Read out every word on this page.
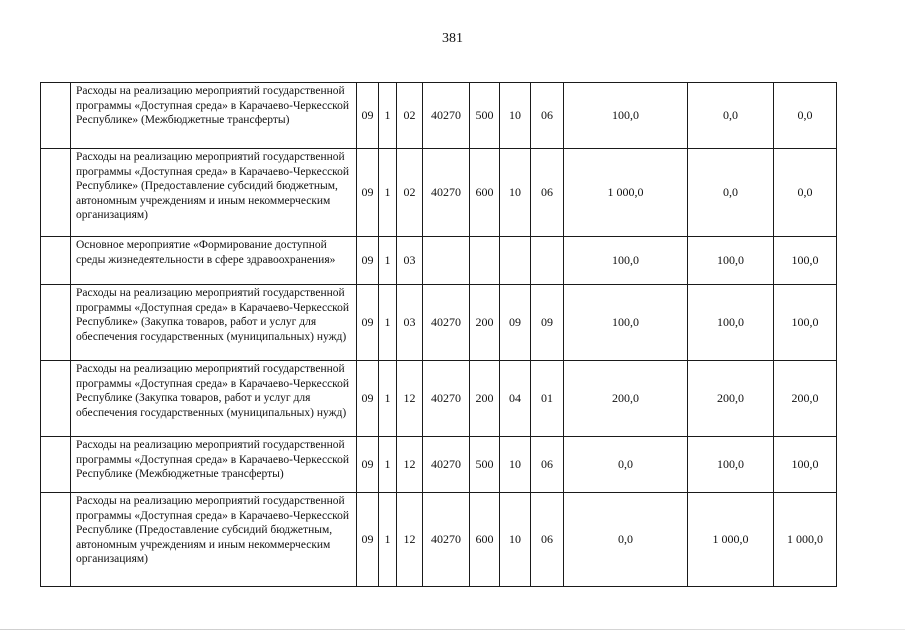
381
	Расходы на реализацию мероприятий государственной программы «Доступная среда» в Карачаево-Черкесской Республике» (Межбюджетные трансферты)	09	1	02	40270	500	10	06	100,0	0,0	0,0
	Расходы на реализацию мероприятий государственной программы «Доступная среда» в Карачаево-Черкесской Республике» (Предоставление субсидий бюджетным, автономным учреждениям и иным некоммерческим организациям)	09	1	02	40270	600	10	06	1 000,0	0,0	0,0
	Основное мероприятие «Формирование доступной среды жизнедеятельности в сфере здравоохранения»	09	1	03					100,0	100,0	100,0
	Расходы на реализацию мероприятий государственной программы «Доступная среда» в Карачаево-Черкесской Республике» (Закупка товаров, работ и услуг для обеспечения государственных (муниципальных) нужд)	09	1	03	40270	200	09	09	100,0	100,0	100,0
	Расходы на реализацию мероприятий государственной программы «Доступная среда» в Карачаево-Черкесской Республике (Закупка товаров, работ и услуг для обеспечения государственных (муниципальных) нужд)	09	1	12	40270	200	04	01	200,0	200,0	200,0
	Расходы на реализацию мероприятий государственной программы «Доступная среда» в Карачаево-Черкесской Республике (Межбюджетные трансферты)	09	1	12	40270	500	10	06	0,0	100,0	100,0
	Расходы на реализацию мероприятий государственной программы «Доступная среда» в Карачаево-Черкесской Республике (Предоставление субсидий бюджетным, автономным учреждениям и иным некоммерческим организациям)	09	1	12	40270	600	10	06	0,0	1 000,0	1 000,0
